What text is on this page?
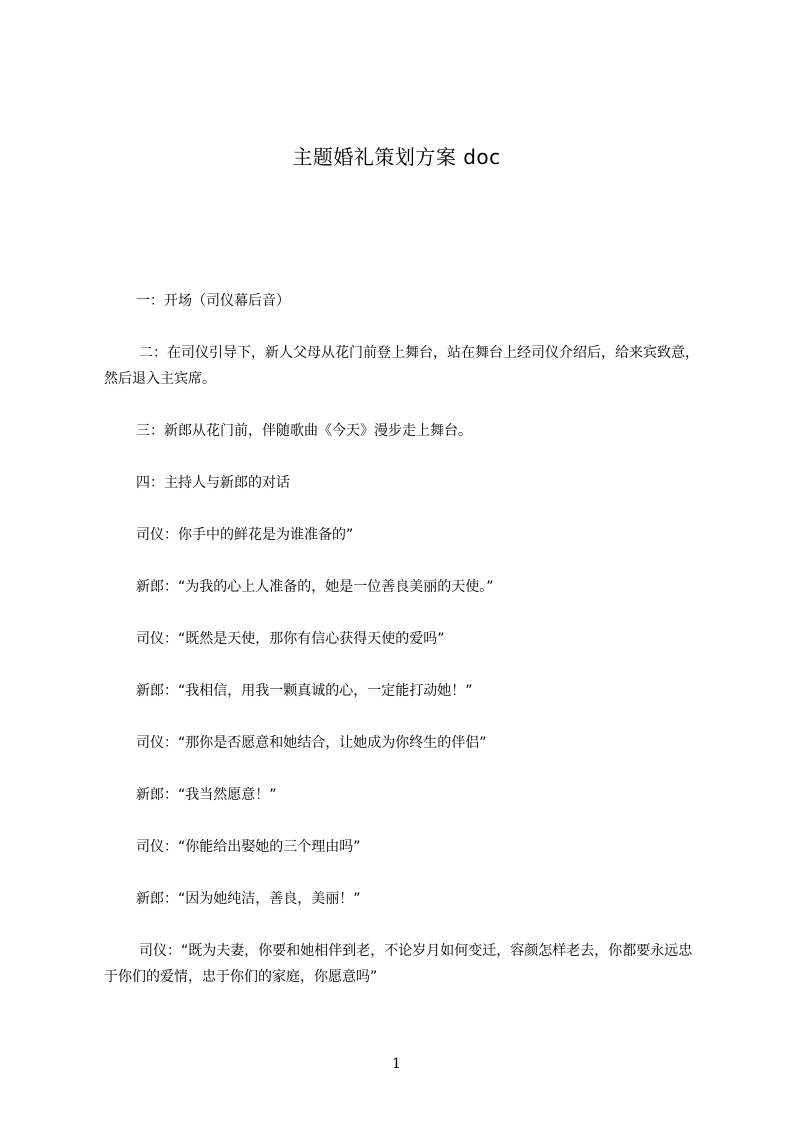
主题婚礼策划方案 doc

一：开场（司仪幕后音）

二：在司仪引导下，新人父母从花门前登上舞台，站在舞台上经司仪介绍后，给来宾致意，然后退入主宾席。

三：新郎从花门前，伴随歌曲《今天》漫步走上舞台。

四：主持人与新郎的对话

司仪：你手中的鲜花是为谁准备的”

新郎：“为我的心上人准备的，她是一位善良美丽的天使。”

司仪：“既然是天使，那你有信心获得天使的爱吗”

新郎：“我相信，用我一颗真诚的心，一定能打动她！”

司仪：“那你是否愿意和她结合，让她成为你终生的伴侣”

新郎：“我当然愿意！”

司仪：“你能给出娶她的三个理由吗”

新郎：“因为她纯洁，善良，美丽！”

司仪：“既为夫妻，你要和她相伴到老，不论岁月如何变迁，容颜怎样老去，你都要永远忠于你们的爱情，忠于你们的家庭，你愿意吗”

1
